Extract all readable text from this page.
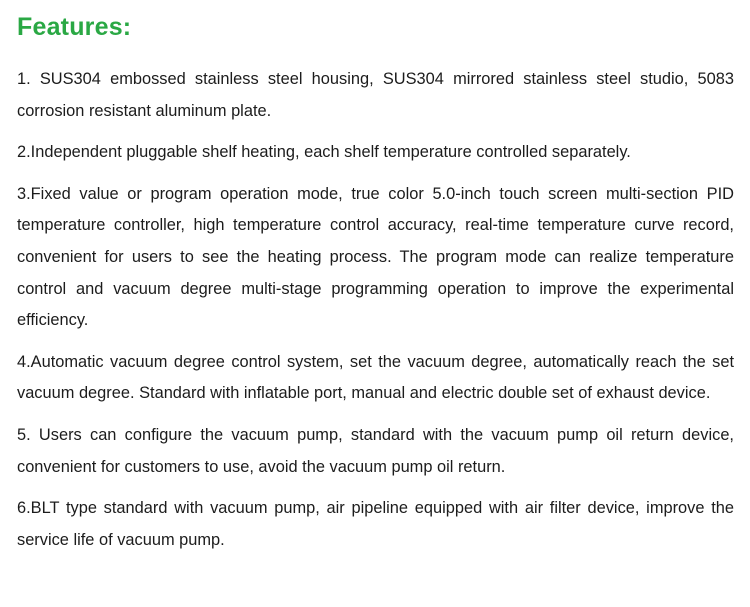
Features:
1. SUS304 embossed stainless steel housing, SUS304 mirrored stainless steel studio, 5083 corrosion resistant aluminum plate.
2.Independent pluggable shelf heating, each shelf temperature controlled separately.
3.Fixed value or program operation mode, true color 5.0-inch touch screen multi-section PID temperature controller, high temperature control accuracy, real-time temperature curve record, convenient for users to see the heating process. The program mode can realize temperature control and vacuum degree multi-stage programming operation to improve the experimental efficiency.
4.Automatic vacuum degree control system, set the vacuum degree, automatically reach the set vacuum degree. Standard with inflatable port, manual and electric double set of exhaust device.
5. Users can configure the vacuum pump, standard with the vacuum pump oil return device, convenient for customers to use, avoid the vacuum pump oil return.
6.BLT type standard with vacuum pump, air pipeline equipped with air filter device, improve the service life of vacuum pump.
